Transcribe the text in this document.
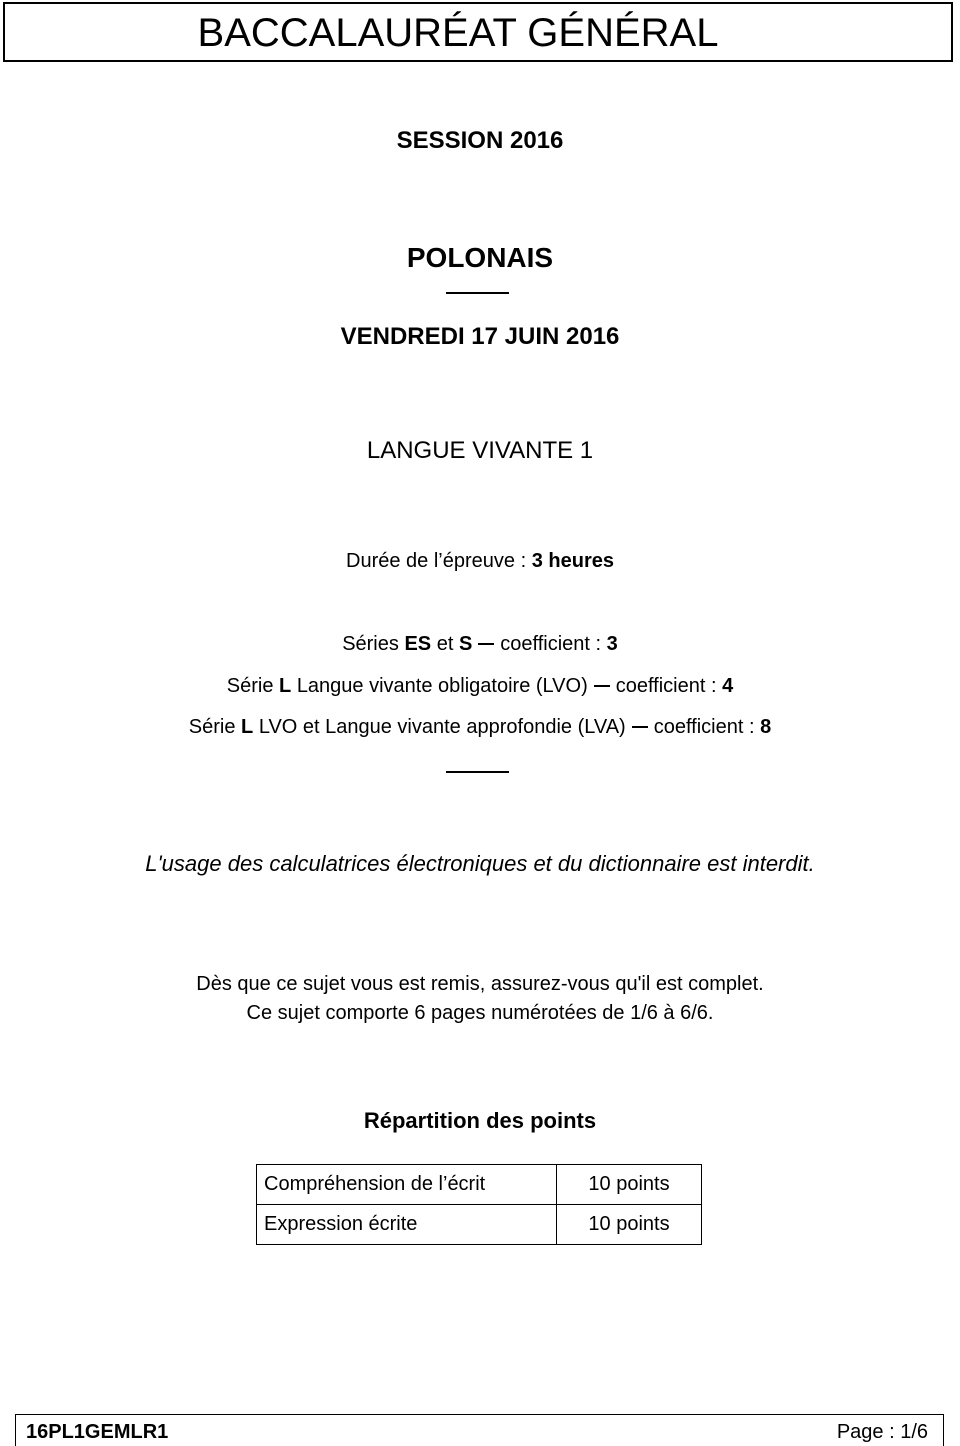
BACCALAURÉAT GÉNÉRAL
SESSION 2016
POLONAIS
VENDREDI 17 JUIN 2016
LANGUE VIVANTE 1
Durée de l’épreuve : 3 heures
Séries ES et S coefficient : 3
Série L Langue vivante obligatoire (LVO) coefficient : 4
Série L LVO et Langue vivante approfondie (LVA) coefficient : 8
L'usage des calculatrices électroniques et du dictionnaire est interdit.
Dès que ce sujet vous est remis, assurez-vous qu'il est complet.
Ce sujet comporte 6 pages numérotées de 1/6 à 6/6.
Répartition des points
Compréhension de l’écrit	10 points
Expression écrite	10 points
16PL1GEMLR1	Page : 1/6
